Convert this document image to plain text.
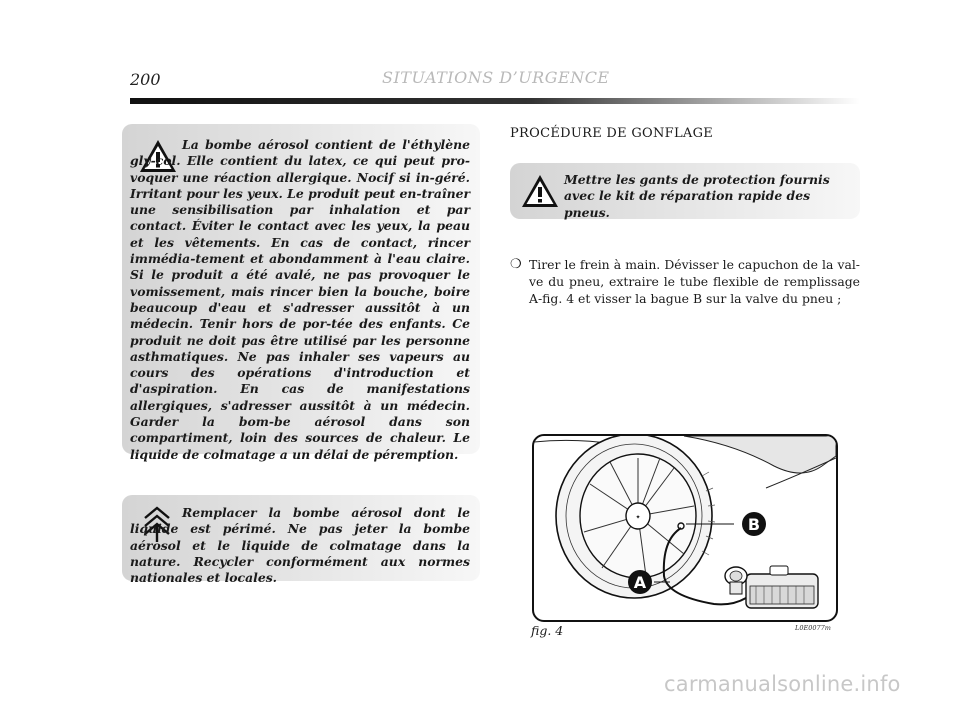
200	SITUATIONS D’URGENCE

La bombe aérosol contient de l'éthylène gly-col. Elle contient du latex, ce qui peut pro-voquer une réaction allergique. Nocif si in-géré. Irritant pour les yeux. Le produit peut en-traîner une sensibilisation par inhalation et par contact. Éviter le contact avec les yeux, la peau et les vêtements. En cas de contact, rincer immédia-tement et abondamment à l'eau claire. Si le produit a été avalé, ne pas provoquer le vomissement, mais rincer bien la bouche, boire beaucoup d'eau et s'adresser aussitôt à un médecin. Tenir hors de por-tée des enfants. Ce produit ne doit pas être utilisé par les personne asthmatiques. Ne pas inhaler ses vapeurs au cours des opérations d'introduction et d'aspiration. En cas de manifestations allergiques, s'adresser aussitôt à un médecin. Garder la bom-be aérosol dans son compartiment, loin des sources de chaleur. Le liquide de colmatage a un délai de péremption.

Remplacer la bombe aérosol dont le liquide est périmé. Ne pas jeter la bombe aérosol et le liquide de colmatage dans la nature. Recycler conformément aux normes nationales et locales.

PROCÉDURE DE GONFLAGE

Mettre les gants de protection fournis avec le kit de réparation rapide des pneus.

❍ Tirer le frein à main. Dévisser le capuchon de la val-ve du pneu, extraire le tube flexible de remplissage A-fig. 4 et visser la bague B sur la valve du pneu ;
✦	B
A
fig. 4	L0E0077m
carmanualsonline.info
